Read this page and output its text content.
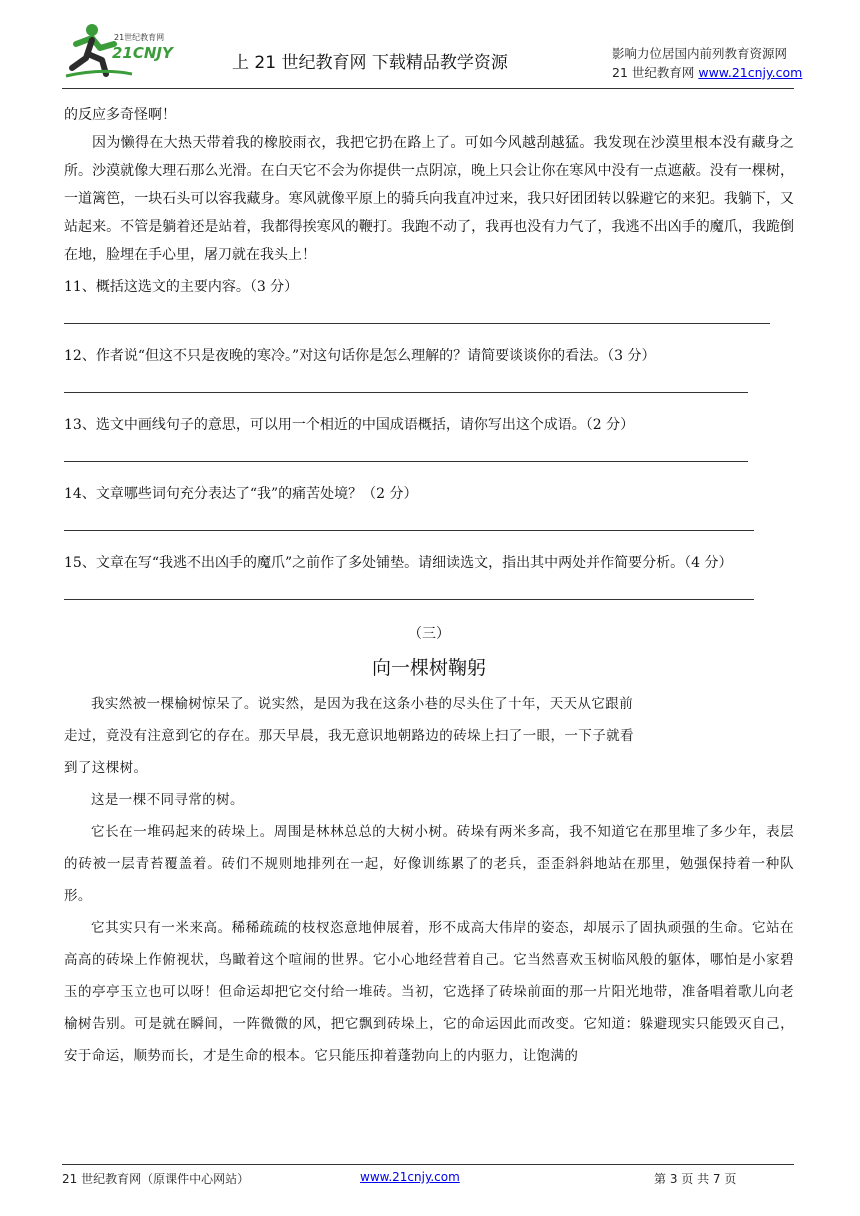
21世纪教育网
21CNJY	上 21 世纪教育网 下载精品教学资源	影响力位居国内前列教育资源网
21 世纪教育网 www.21cnjy.com

的反应多奇怪啊！

因为懒得在大热天带着我的橡胶雨衣，我把它扔在路上了。可如今风越刮越猛。我发现在沙漠里根本没有藏身之所。沙漠就像大理石那么光滑。在白天它不会为你提供一点阴凉，晚上只会让你在寒风中没有一点遮蔽。没有一棵树，一道篱笆，一块石头可以容我藏身。寒风就像平原上的骑兵向我直冲过来，我只好团团转以躲避它的来犯。我躺下，又站起来。不管是躺着还是站着，我都得挨寒风的鞭打。我跑不动了，我再也没有力气了，我逃不出凶手的魔爪，我跪倒在地，脸埋在手心里，屠刀就在我头上！

11、概括这选文的主要内容。（3 分）

12、作者说“但这不只是夜晚的寒冷。”对这句话你是怎么理解的？请简要谈谈你的看法。（3 分）

13、选文中画线句子的意思，可以用一个相近的中国成语概括，请你写出这个成语。（2 分）

14、文章哪些词句充分表达了“我”的痛苦处境？（2 分）

15、文章在写“我逃不出凶手的魔爪”之前作了多处铺垫。请细读选文，指出其中两处并作简要分析。（4 分）

（三）
向一棵树鞠躬
我实然被一棵榆树惊呆了。说实然，是因为我在这条小巷的尽头住了十年，天天从它跟前
走过，竟没有注意到它的存在。那天早晨，我无意识地朝路边的砖垛上扫了一眼，一下子就看
到了这棵树。

这是一棵不同寻常的树。

它长在一堆码起来的砖垛上。周围是林林总总的大树小树。砖垛有两米多高，我不知道它在那里堆了多少年，表层的砖被一层青苔覆盖着。砖们不规则地排列在一起，好像训练累了的老兵，歪歪斜斜地站在那里，勉强保持着一种队形。

它其实只有一米来高。稀稀疏疏的枝杈恣意地伸展着，形不成高大伟岸的姿态，却展示了固执顽强的生命。它站在高高的砖垛上作俯视状，鸟瞰着这个喧闹的世界。它小心地经营着自己。它当然喜欢玉树临风般的躯体，哪怕是小家碧玉的亭亭玉立也可以呀！但命运却把它交付给一堆砖。当初，它选择了砖垛前面的那一片阳光地带，准备唱着歌儿向老榆树告别。可是就在瞬间，一阵微微的风，把它飘到砖垛上，它的命运因此而改变。它知道：躲避现实只能毁灭自己，安于命运，顺势而长，才是生命的根本。它只能压抑着蓬勃向上的内驱力，让饱满的

21 世纪教育网（原课件中心网站）	www.21cnjy.com	第 3 页 共 7 页
